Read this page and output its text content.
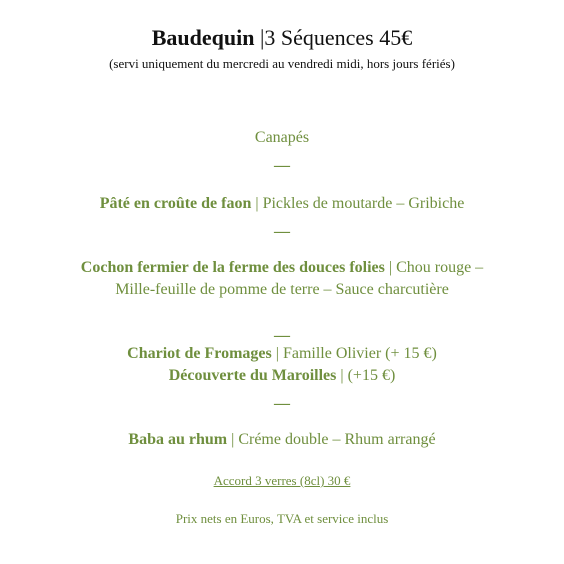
Baudequin |3 Séquences 45€
(servi uniquement du mercredi au vendredi midi, hors jours fériés)
Canapés
—
Pâté en croûte de faon | Pickles de moutarde – Gribiche
—
Cochon fermier de la ferme des douces folies | Chou rouge –
Mille-feuille de pomme de terre – Sauce charcutière
—
Chariot de Fromages | Famille Olivier (+ 15 €)
Découverte du Maroilles | (+15 €)
—
Baba au rhum | Créme double – Rhum arrangé
Accord 3 verres (8cl) 30 €
Prix nets en Euros, TVA et service inclus
